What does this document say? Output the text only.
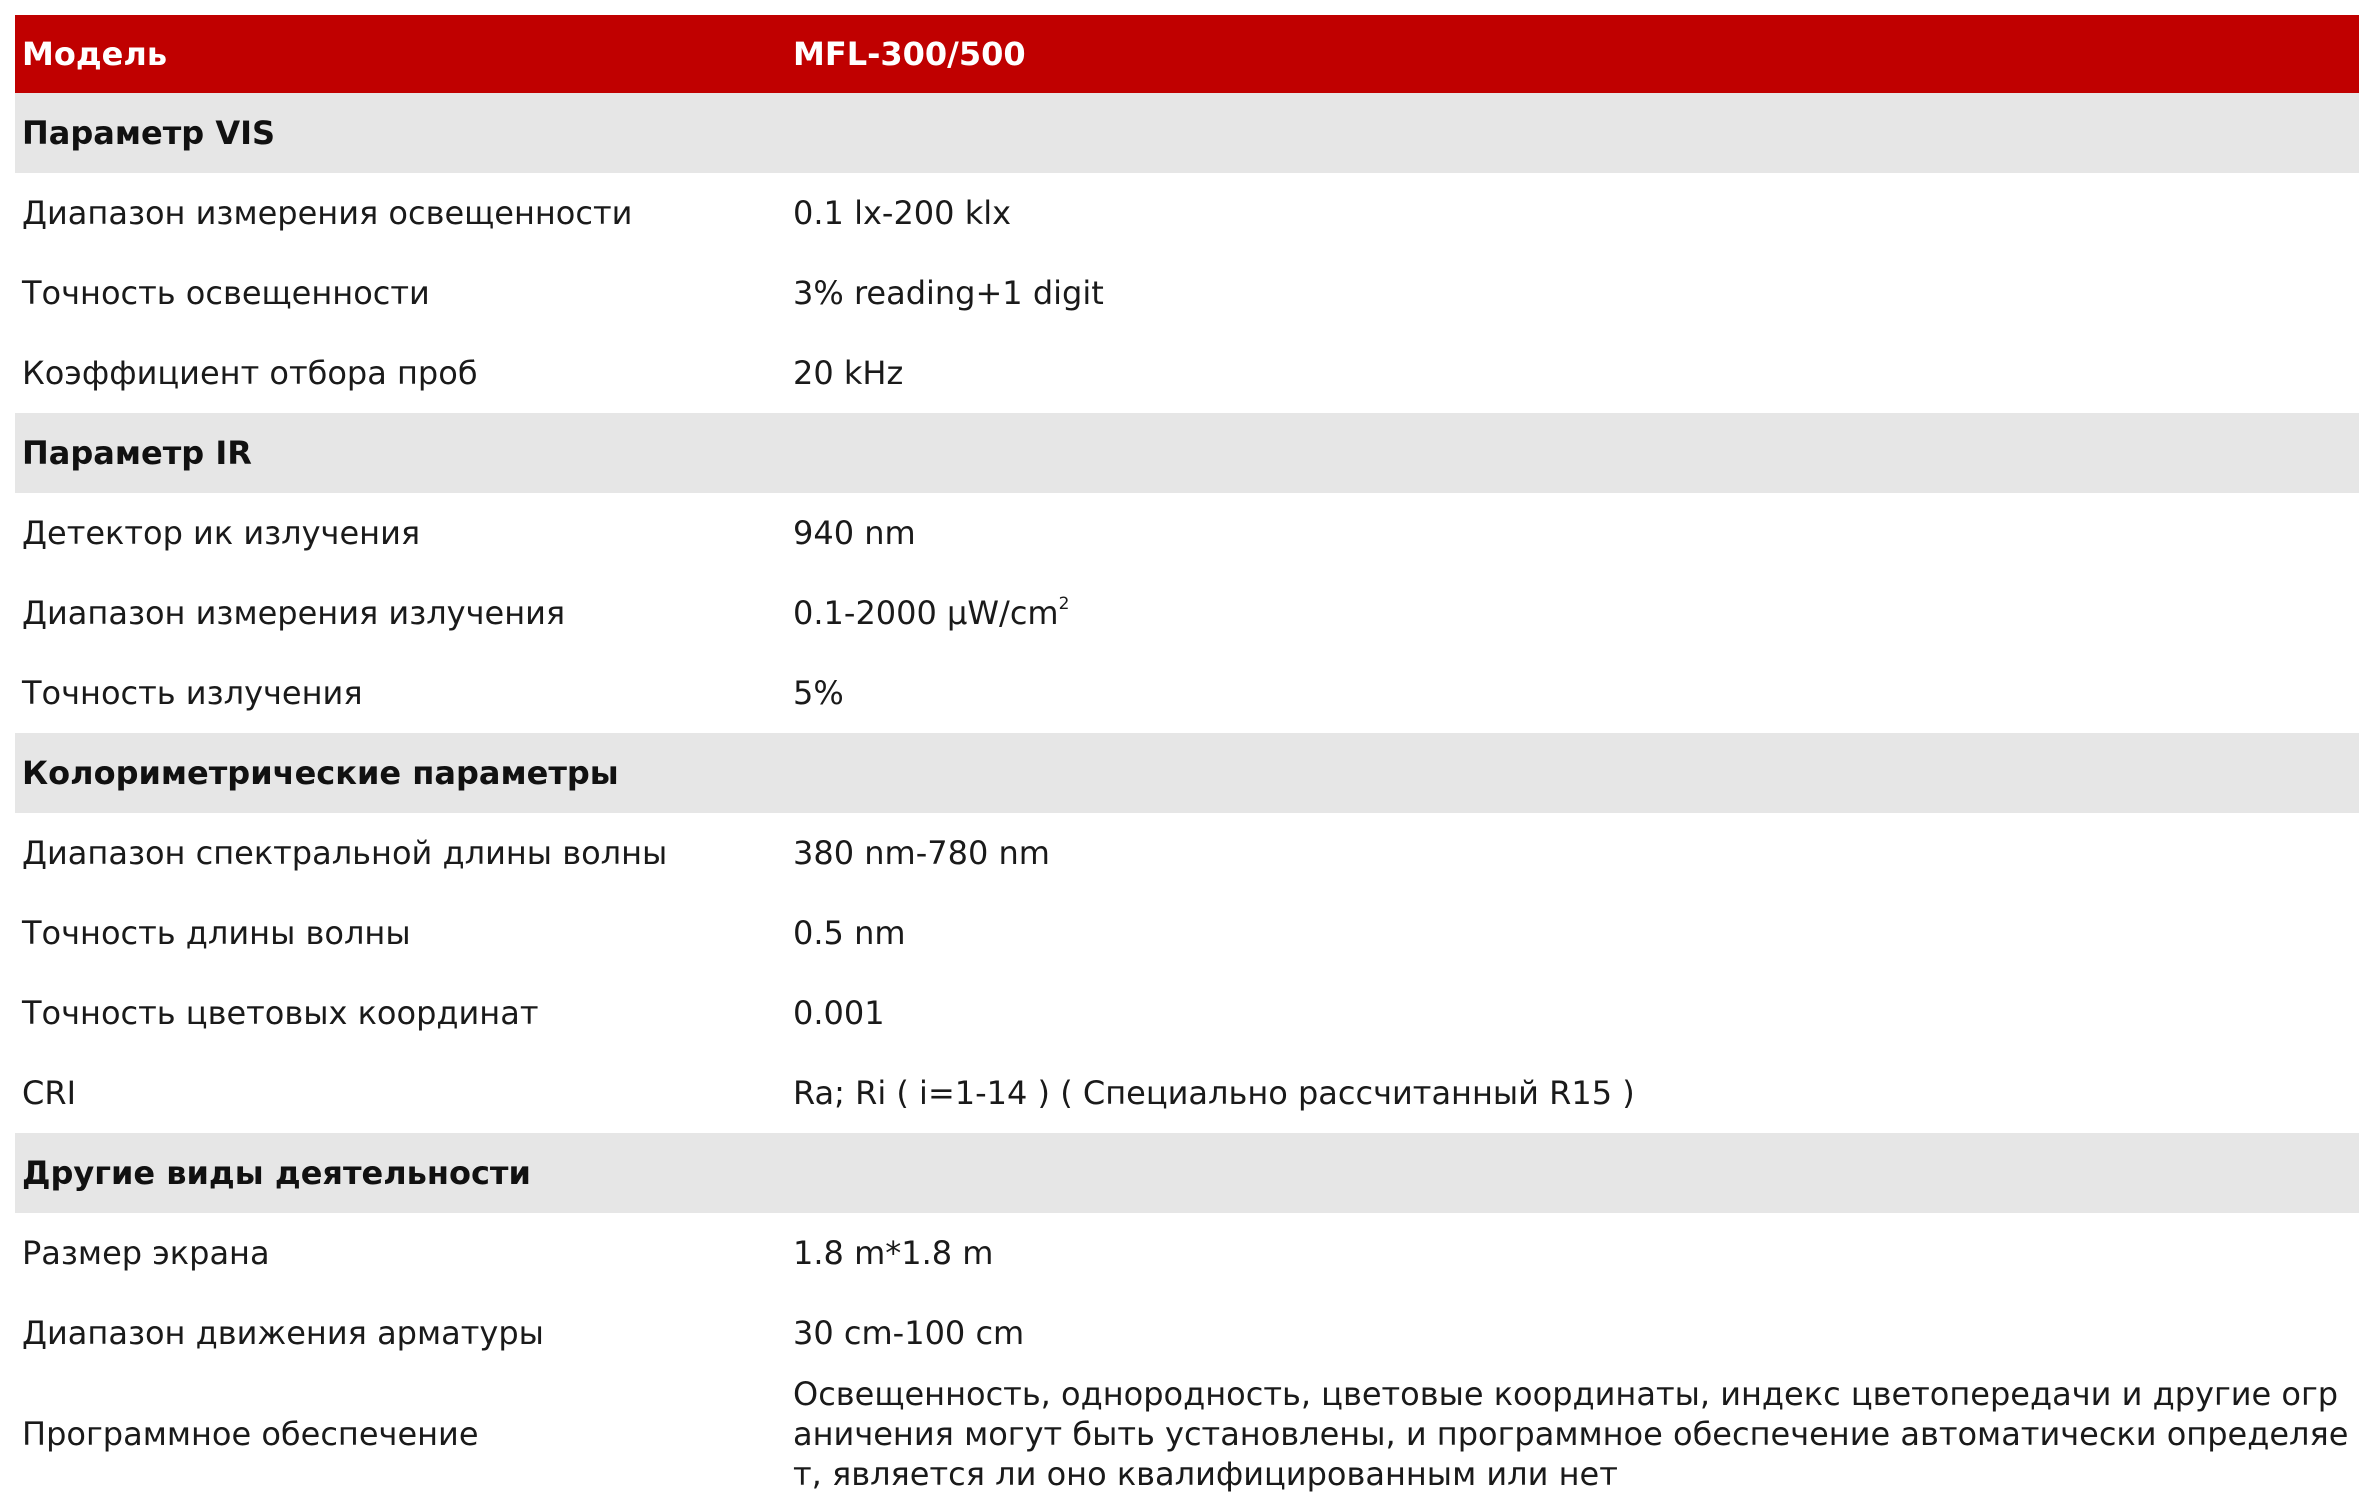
Модель	MFL-300/500
Параметр VIS	
Диапазон измерения освещенности	0.1 lx-200 klx
Точность освещенности	3% reading+1 digit
Коэффициент отбора проб	20 kHz
Параметр IR	
Детектор ик излучения	940 nm
Диапазон измерения излучения	0.1-2000 $\mu W/cm^2$
Точность излучения	5%
Колориметрические параметры	
Диапазон спектральной длины волны	380 nm-780 nm
Точность длины волны	0.5 nm
Точность цветовых координат	0.001
CRI	Ra; Ri ( i=1-14 ) ( Специально рассчитанный R15 )
Другие виды деятельности	
Размер экрана	1.8 m*1.8 m
Диапазон движения арматуры	30 cm-100 cm
Программное обеспечение	Освещенность, однородность, цветовые координаты, индекс цветопередачи и другие ограничения могут быть установлены, и программное обеспечение автоматически определяет, является ли оно квалифицированным или нет
